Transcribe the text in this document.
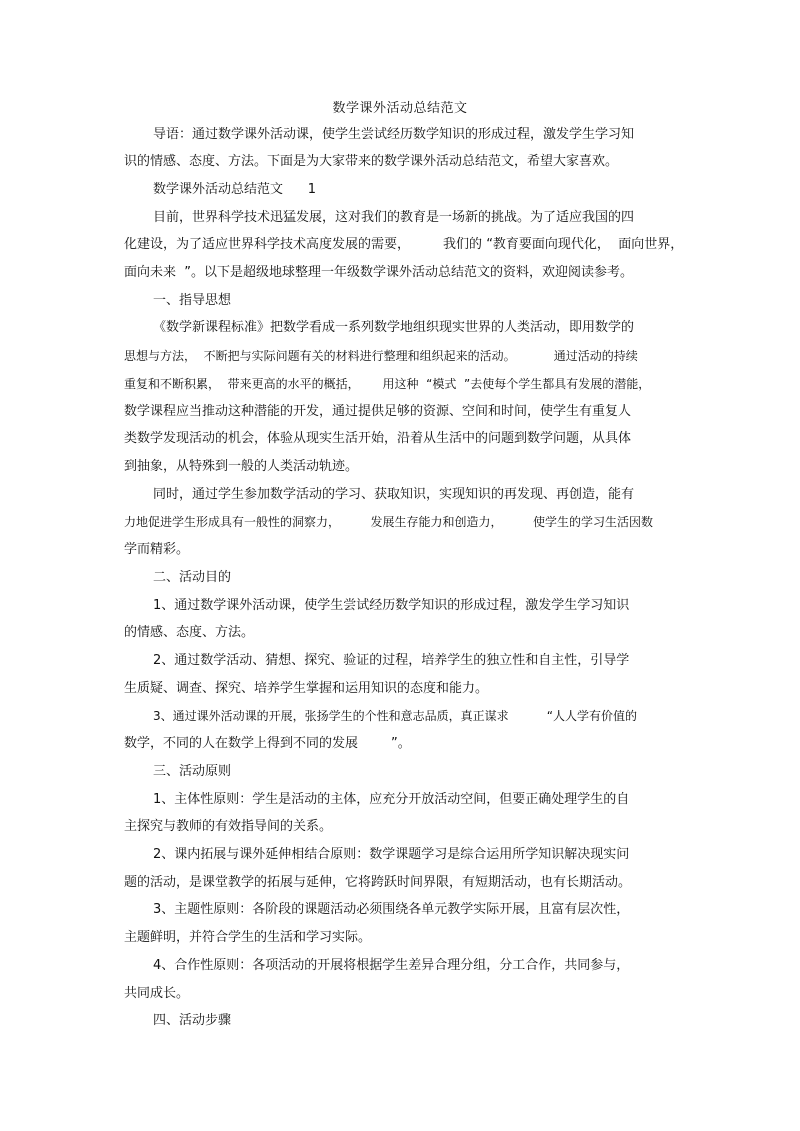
数学课外活动总结范文
导语：通过数学课外活动课，使学生尝试经历数学知识的形成过程，激发学生学习知
识的情感、态度、方法。下面是为大家带来的数学课外活动总结范文，希望大家喜欢。
数学课外活动总结范文      1
目前，世界科学技术迅猛发展，这对我们的教育是一场新的挑战。为了适应我国的四
化建设，为了适应世界科学技术高度发展的需要，        我们的 “教育要面向现代化，  面向世界，
面向未来  ”。以下是超级地球整理一年级数学课外活动总结范文的资料，欢迎阅读参考。
一、指导思想
《数学新课程标准》把数学看成一系列数学地组织现实世界的人类活动，即用数学的
思想与方法，  不断把与实际问题有关的材料进行整理和组织起来的活动。          通过活动的持续
重复和不断积累，  带来更高的水平的概括，      用这种  “模式  ”去使每个学生都具有发展的潜能，
数学课程应当推动这种潜能的开发，通过提供足够的资源、空间和时间，使学生有重复人
类数学发现活动的机会，体验从现实生活开始，沿着从生活中的问题到数学问题，从具体
到抽象，从特殊到一般的人类活动轨迹。
同时，通过学生参加数学活动的学习、获取知识，实现知识的再发现、再创造，能有
力地促进学生形成具有一般性的洞察力，        发展生存能力和创造力，        使学生的学习生活因数
学而精彩。
二、活动目的
1、通过数学课外活动课，使学生尝试经历数学知识的形成过程，激发学生学习知识
的情感、态度、方法。
2、通过数学活动、猜想、探究、验证的过程，培养学生的独立性和自主性，引导学
生质疑、调查、探究、培养学生掌握和运用知识的态度和能力。
3、通过课外活动课的开展，张扬学生的个性和意志品质，真正谋求          “人人学有价值的
数学，不同的人在数学上得到不同的发展        ”。
三、活动原则
1、主体性原则：学生是活动的主体，应充分开放活动空间，但要正确处理学生的自
主探究与教师的有效指导间的关系。
2、课内拓展与课外延伸相结合原则：数学课题学习是综合运用所学知识解决现实问
题的活动，是课堂教学的拓展与延伸，它将跨跃时间界限，有短期活动，也有长期活动。
3、主题性原则：各阶段的课题活动必须围绕各单元教学实际开展，且富有层次性，
主题鲜明，并符合学生的生活和学习实际。
4、合作性原则：各项活动的开展将根据学生差异合理分组，分工合作，共同参与，
共同成长。
四、活动步骤
